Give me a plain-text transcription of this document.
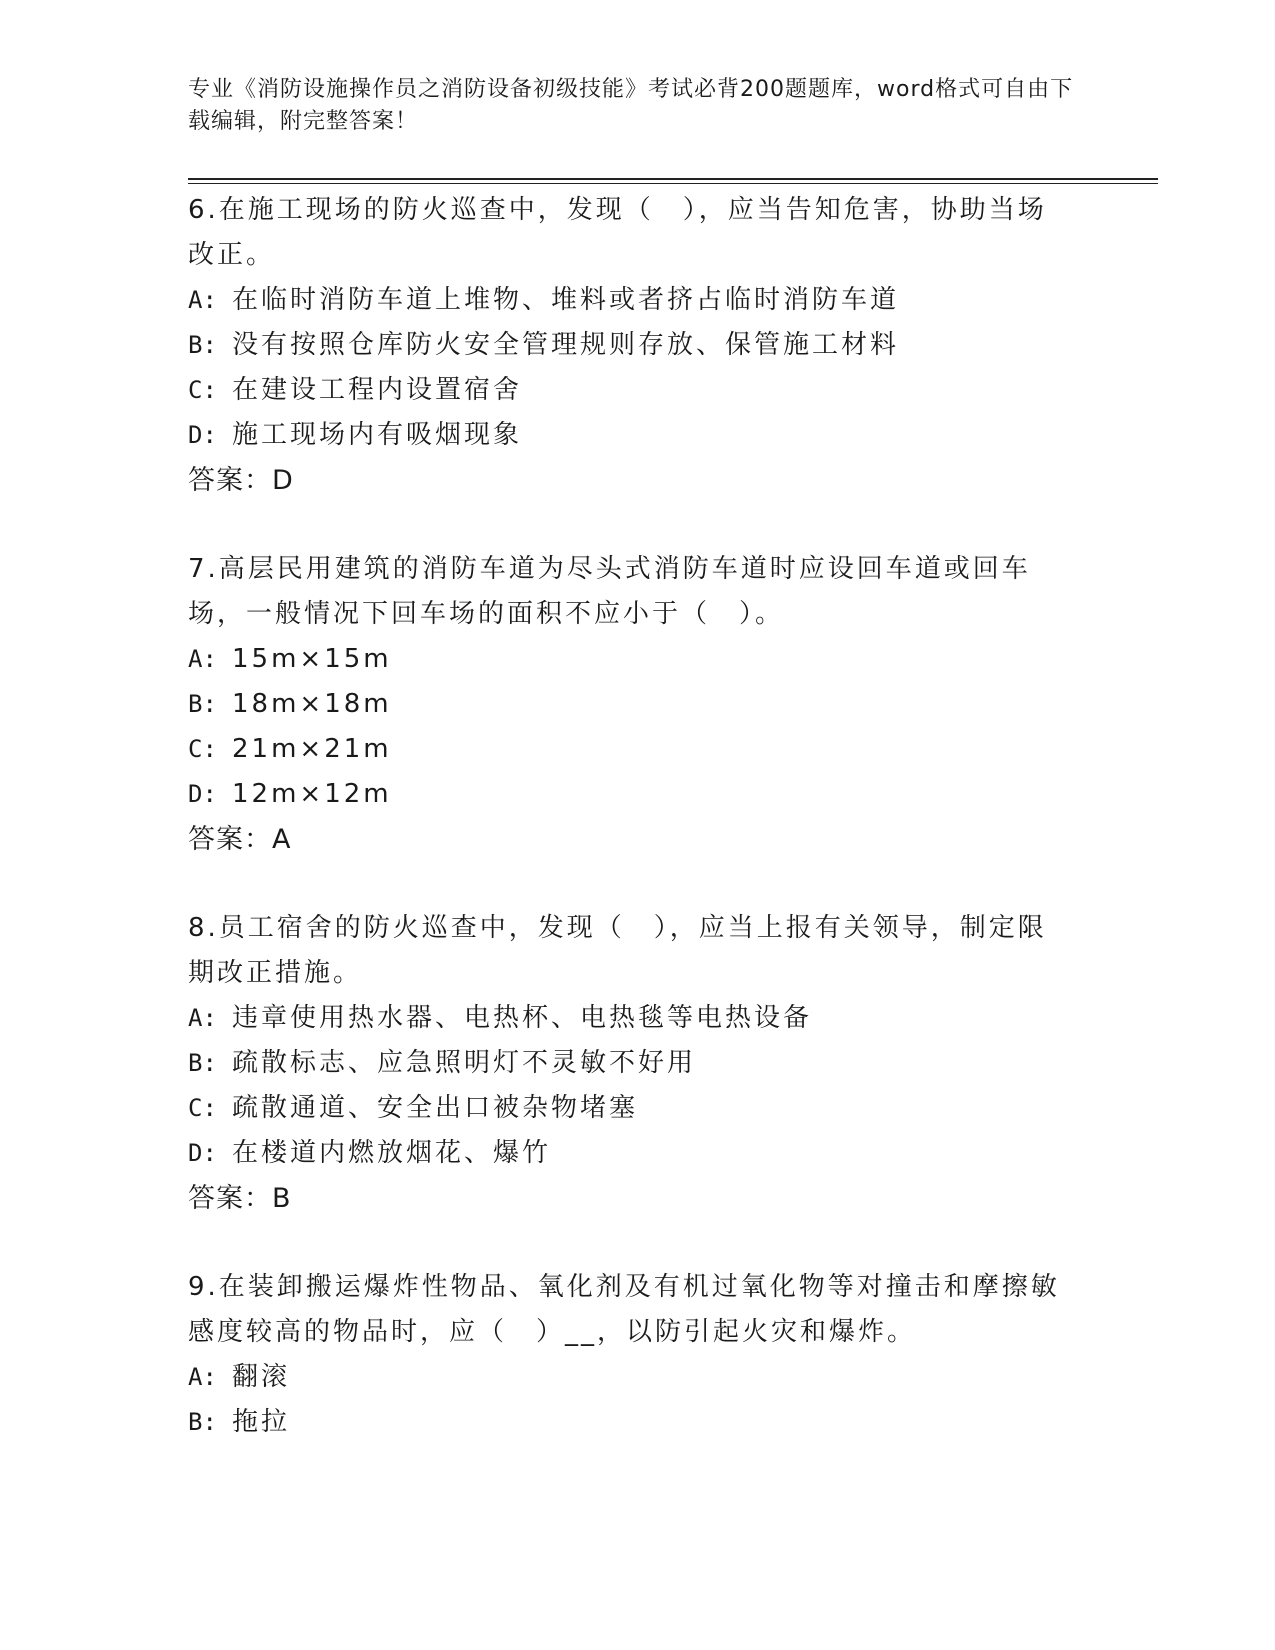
专业《消防设施操作员之消防设备初级技能》考试必背200题题库，word格式可自由下载编辑，附完整答案！
6.在施工现场的防火巡查中，发现（　），应当告知危害，协助当场改正。
A: 在临时消防车道上堆物、堆料或者挤占临时消防车道
B: 没有按照仓库防火安全管理规则存放、保管施工材料
C: 在建设工程内设置宿舍
D: 施工现场内有吸烟现象
答案：D
7.高层民用建筑的消防车道为尽头式消防车道时应设回车道或回车场，一般情况下回车场的面积不应小于（　）。
A: 15m×15m
B: 18m×18m
C: 21m×21m
D: 12m×12m
答案：A
8.员工宿舍的防火巡查中，发现（　），应当上报有关领导，制定限期改正措施。
A: 违章使用热水器、电热杯、电热毯等电热设备
B: 疏散标志、应急照明灯不灵敏不好用
C: 疏散通道、安全出口被杂物堵塞
D: 在楼道内燃放烟花、爆竹
答案：B
9.在装卸搬运爆炸性物品、氧化剂及有机过氧化物等对撞击和摩擦敏感度较高的物品时，应（　）__，以防引起火灾和爆炸。
A: 翻滚
B: 拖拉
